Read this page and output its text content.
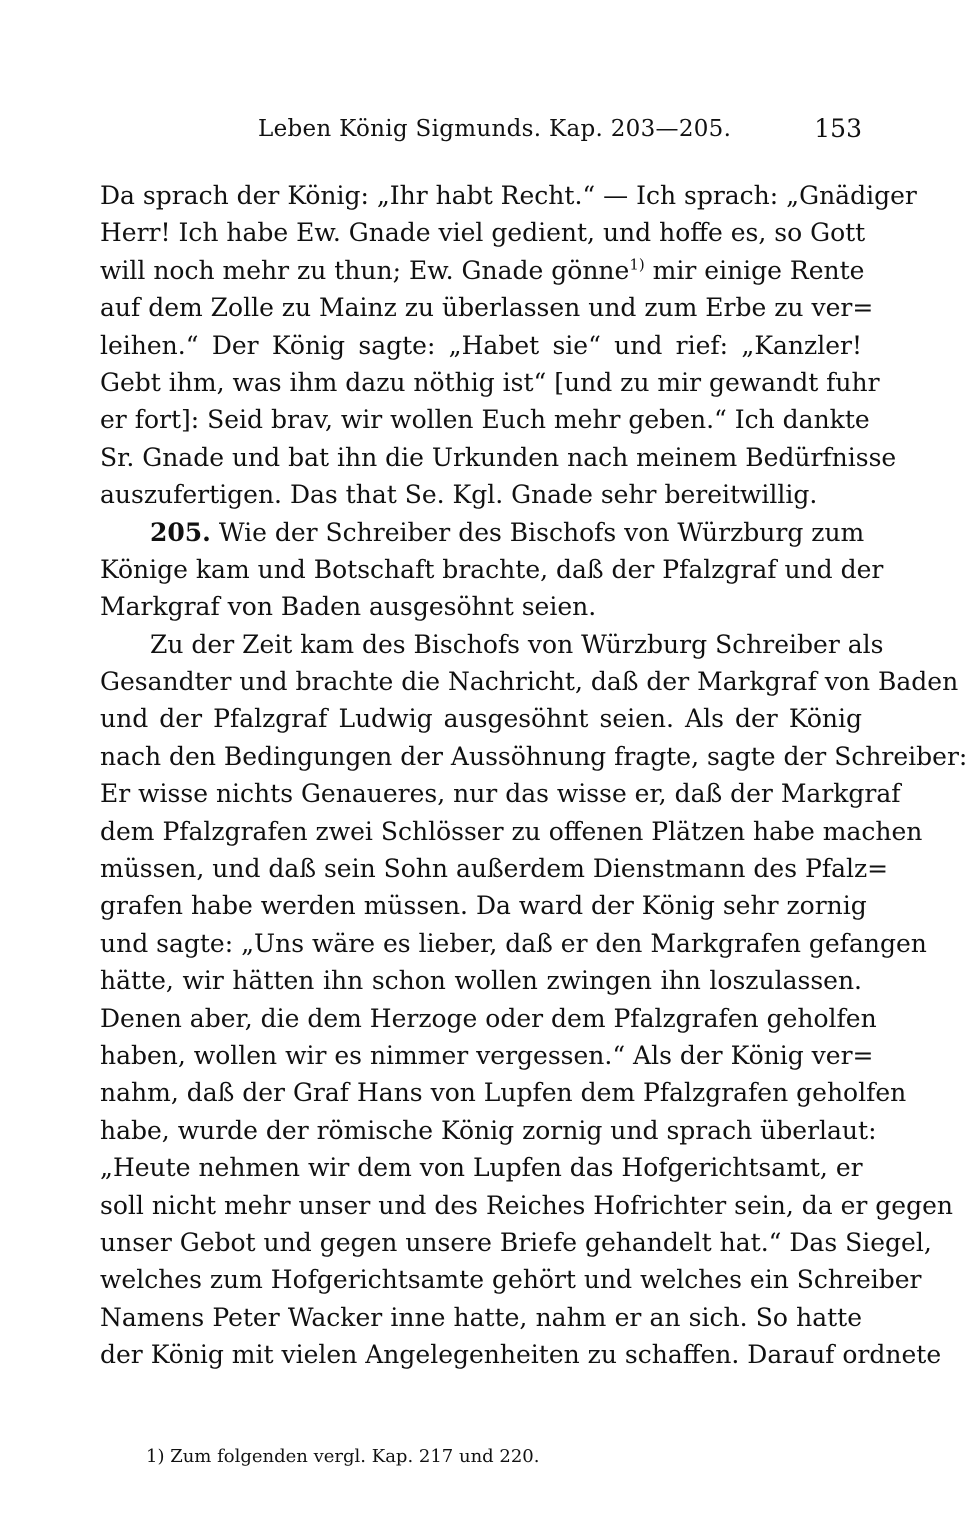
Leben König Sigmunds. Kap. 203—205.	153
Da sprach der König: „Ihr habt Recht.“ — Ich sprach: „Gnädiger
Herr! Ich habe Ew. Gnade viel gedient, und hoffe es, so Gott
will noch mehr zu thun; Ew. Gnade gönne$^{1)}$ mir einige Rente
auf dem Zolle zu Mainz zu überlassen und zum Erbe zu ver=
leihen.“ Der König sagte: „Habet sie“ und rief: „Kanzler!
Gebt ihm, was ihm dazu nöthig ist“ [und zu mir gewandt fuhr
er fort]: Seid brav, wir wollen Euch mehr geben.“ Ich dankte
Sr. Gnade und bat ihn die Urkunden nach meinem Bedürfnisse
auszufertigen. Das that Se. Kgl. Gnade sehr bereitwillig.
205. Wie der Schreiber des Bischofs von Würzburg zum
Könige kam und Botschaft brachte, daß der Pfalzgraf und der
Markgraf von Baden ausgesöhnt seien.
Zu der Zeit kam des Bischofs von Würzburg Schreiber als
Gesandter und brachte die Nachricht, daß der Markgraf von Baden
und der Pfalzgraf Ludwig ausgesöhnt seien. Als der König
nach den Bedingungen der Aussöhnung fragte, sagte der Schreiber:
Er wisse nichts Genaueres, nur das wisse er, daß der Markgraf
dem Pfalzgrafen zwei Schlösser zu offenen Plätzen habe machen
müssen, und daß sein Sohn außerdem Dienstmann des Pfalz=
grafen habe werden müssen. Da ward der König sehr zornig
und sagte: „Uns wäre es lieber, daß er den Markgrafen gefangen
hätte, wir hätten ihn schon wollen zwingen ihn loszulassen.
Denen aber, die dem Herzoge oder dem Pfalzgrafen geholfen
haben, wollen wir es nimmer vergessen.“ Als der König ver=
nahm, daß der Graf Hans von Lupfen dem Pfalzgrafen geholfen
habe, wurde der römische König zornig und sprach überlaut:
„Heute nehmen wir dem von Lupfen das Hofgerichtsamt, er
soll nicht mehr unser und des Reiches Hofrichter sein, da er gegen
unser Gebot und gegen unsere Briefe gehandelt hat.“ Das Siegel,
welches zum Hofgerichtsamte gehört und welches ein Schreiber
Namens Peter Wacker inne hatte, nahm er an sich. So hatte
der König mit vielen Angelegenheiten zu schaffen. Darauf ordnete
1) Zum folgenden vergl. Kap. 217 und 220.
